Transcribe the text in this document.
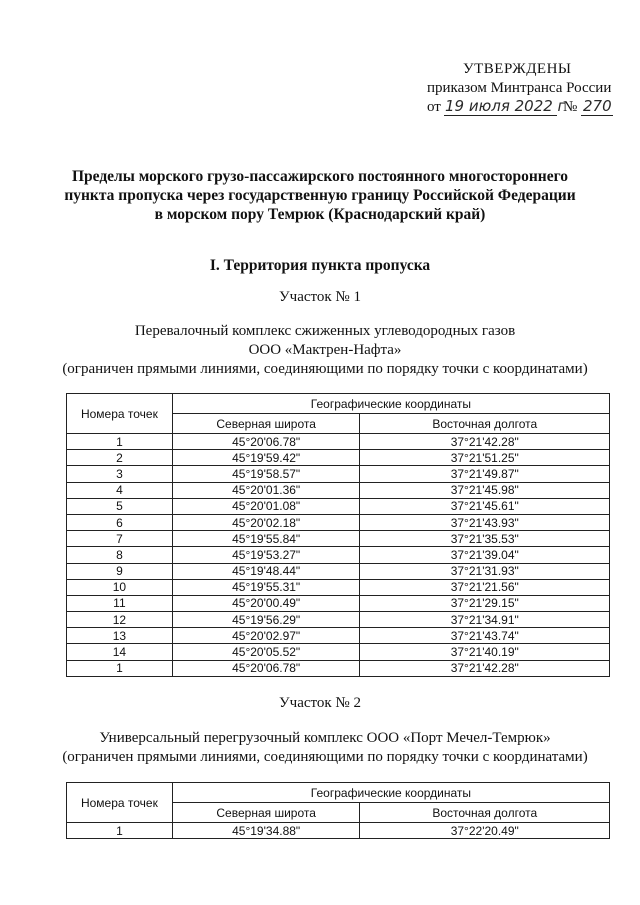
УТВЕРЖДЕНЫ
приказом Минтранса России
от 19 июля 2022 г
№ 270
Пределы морского грузо-пассажирского постоянного многостороннего
пункта пропуска через государственную границу Российской Федерации
в морском пору Темрюк (Краснодарский край)
I. Территория пункта пропуска
Участок № 1
Перевалочный комплекс сжиженных углеводородных газов
ООО «Мактрен-Нафта»
(ограничен прямыми линиями, соединяющими по порядку точки с координатами)
Номера точек	Географические координаты	
	Северная широта	Восточная долгота
1	45°20'06.78"	37°21'42.28"
2	45°19'59.42"	37°21'51.25"
3	45°19'58.57"	37°21'49.87"
4	45°20'01.36"	37°21'45.98"
5	45°20'01.08"	37°21'45.61"
6	45°20'02.18"	37°21'43.93"
7	45°19'55.84"	37°21'35.53"
8	45°19'53.27"	37°21'39.04"
9	45°19'48.44"	37°21'31.93"
10	45°19'55.31"	37°21'21.56"
11	45°20'00.49"	37°21'29.15"
12	45°19'56.29"	37°21'34.91"
13	45°20'02.97"	37°21'43.74"
14	45°20'05.52"	37°21'40.19"
1	45°20'06.78"	37°21'42.28"
Участок № 2
Универсальный перегрузочный комплекс ООО «Порт Мечел-Темрюк»
(ограничен прямыми линиями, соединяющими по порядку точки с координатами)
Номера точек	Географические координаты	
	Северная широта	Восточная долгота
1	45°19'34.88"	37°22'20.49"
